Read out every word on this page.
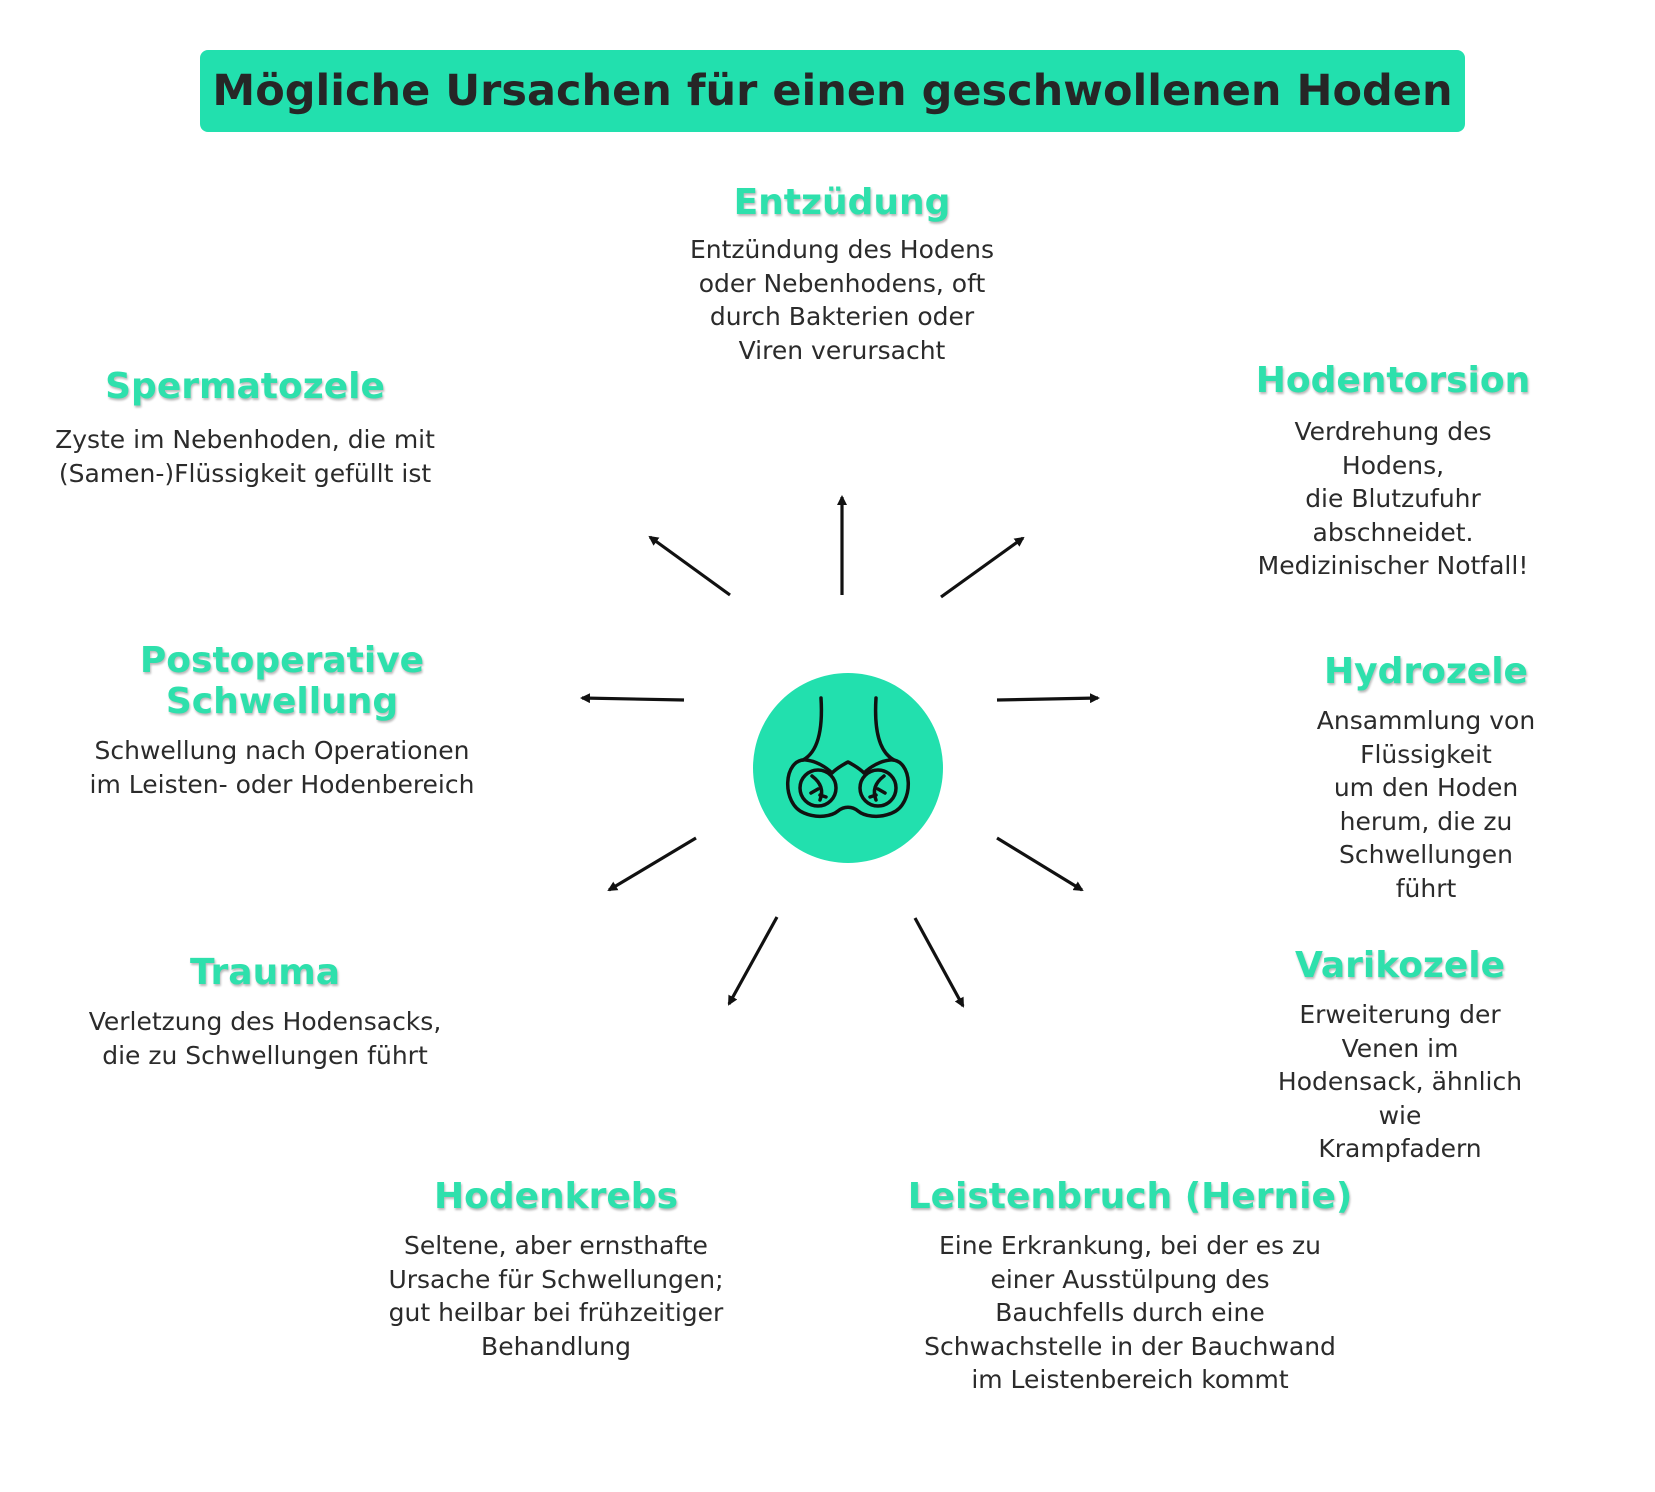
Mögliche Ursachen für einen geschwollenen Hoden

Entzüdung

Entzündung des Hodens
oder Nebenhodens, oft
durch Bakterien oder
Viren verursacht

Hodentorsion

Verdrehung des Hodens,
die Blutzufuhr abschneidet.
Medizinischer Notfall!

Hydrozele

Ansammlung von Flüssigkeit
um den Hoden herum, die zu
Schwellungen führt

Varikozele

Erweiterung der Venen im
Hodensack, ähnlich wie
Krampfadern

Leistenbruch (Hernie)

Eine Erkrankung, bei der es zu
einer Ausstülpung des
Bauchfells durch eine
Schwachstelle in der Bauchwand
im Leistenbereich kommt

Hodenkrebs

Seltene, aber ernsthafte
Ursache für Schwellungen;
gut heilbar bei frühzeitiger
Behandlung

Trauma

Verletzung des Hodensacks,
die zu Schwellungen führt

Postoperative
Schwellung

Schwellung nach Operationen
im Leisten- oder Hodenbereich

Spermatozele

Zyste im Nebenhoden, die mit
(Samen-)Flüssigkeit gefüllt ist
